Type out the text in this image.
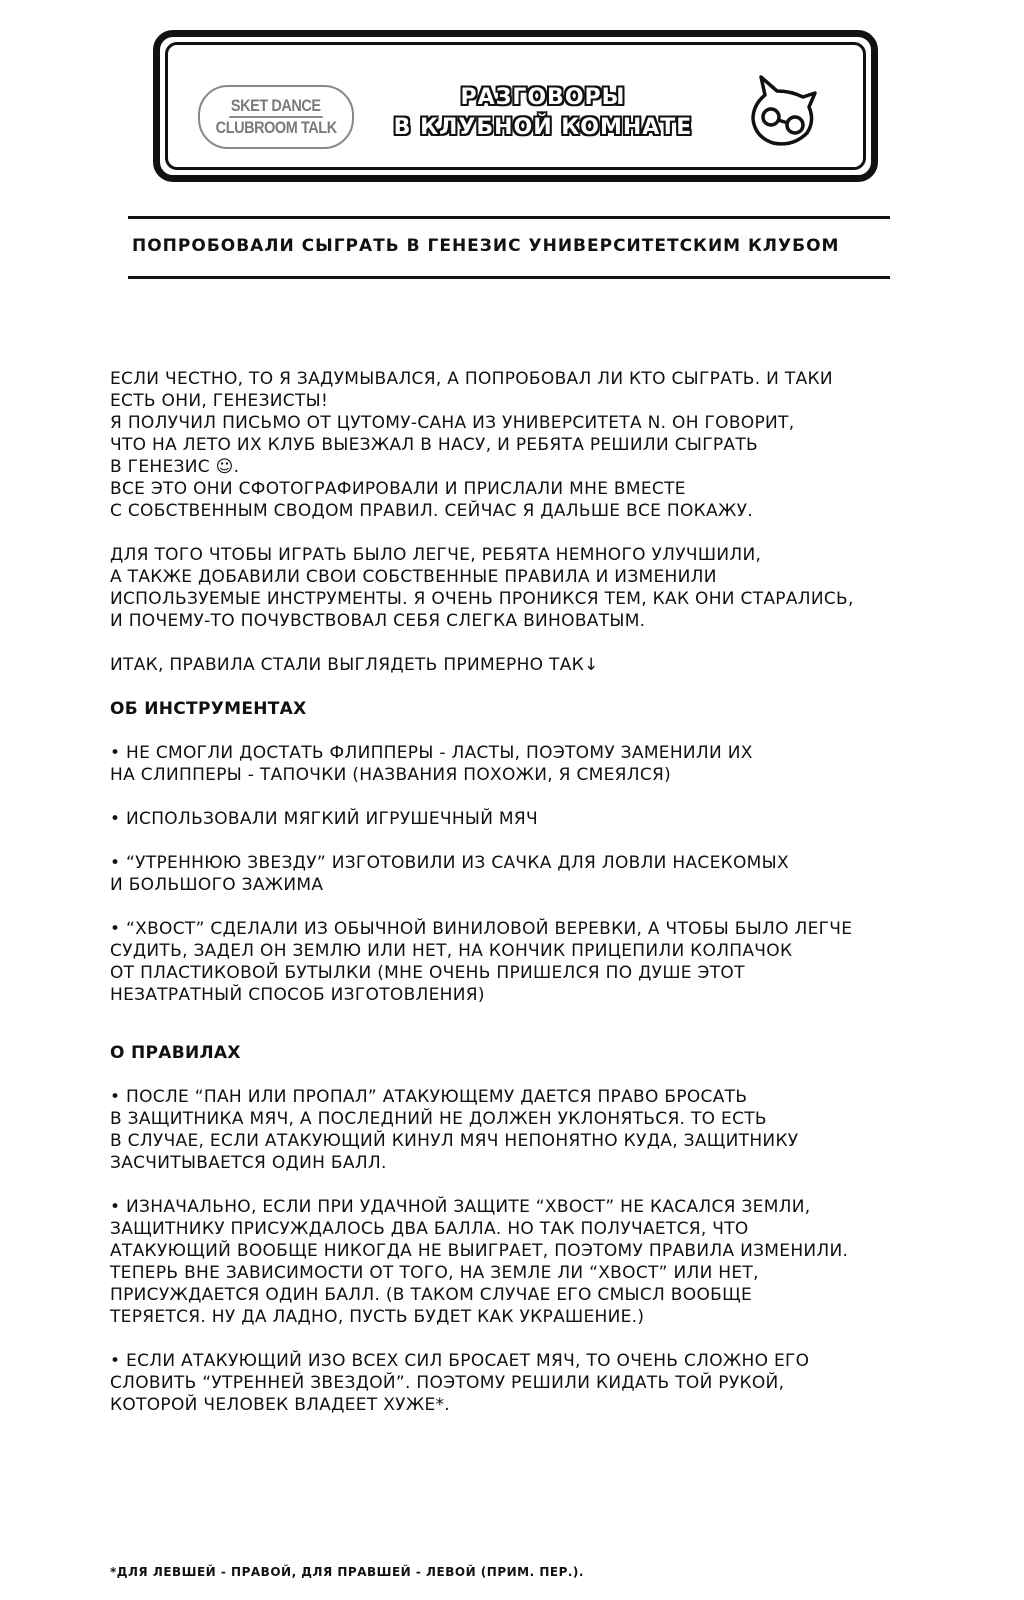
SKET DANCE
CLUBROOM TALK
РАЗГОВОРЫ
В КЛУБНОЙ КОМНАТЕ
ПОПРОБОВАЛИ СЫГРАТЬ В ГЕНЕЗИС УНИВЕРСИТЕТСКИМ КЛУБОМ
ЕСЛИ ЧЕСТНО, ТО Я ЗАДУМЫВАЛСЯ, А ПОПРОБОВАЛ ЛИ КТО СЫГРАТЬ. И ТАКИ
ЕСТЬ ОНИ, ГЕНЕЗИСТЫ!
Я ПОЛУЧИЛ ПИСЬМО ОТ ЦУТОМУ-САНА ИЗ УНИВЕРСИТЕТА N. ОН ГОВОРИТ,
ЧТО НА ЛЕТО ИХ КЛУБ ВЫЕЗЖАЛ В НАСУ, И РЕБЯТА РЕШИЛИ СЫГРАТЬ
В ГЕНЕЗИС ☺.
ВСЕ ЭТО ОНИ СФОТОГРАФИРОВАЛИ И ПРИСЛАЛИ МНЕ ВМЕСТЕ
С СОБСТВЕННЫМ СВОДОМ ПРАВИЛ. СЕЙЧАС Я ДАЛЬШЕ ВСЕ ПОКАЖУ.
ДЛЯ ТОГО ЧТОБЫ ИГРАТЬ БЫЛО ЛЕГЧЕ, РЕБЯТА НЕМНОГО УЛУЧШИЛИ,
А ТАКЖЕ ДОБАВИЛИ СВОИ СОБСТВЕННЫЕ ПРАВИЛА И ИЗМЕНИЛИ
ИСПОЛЬЗУЕМЫЕ ИНСТРУМЕНТЫ. Я ОЧЕНЬ ПРОНИКСЯ ТЕМ, КАК ОНИ СТАРАЛИСЬ,
И ПОЧЕМУ-ТО ПОЧУВСТВОВАЛ СЕБЯ СЛЕГКА ВИНОВАТЫМ.
ИТАК, ПРАВИЛА СТАЛИ ВЫГЛЯДЕТЬ ПРИМЕРНО ТАК↓
ОБ ИНСТРУМЕНТАХ
• НЕ СМОГЛИ ДОСТАТЬ ФЛИППЕРЫ - ЛАСТЫ, ПОЭТОМУ ЗАМЕНИЛИ ИХ
НА СЛИППЕРЫ - ТАПОЧКИ (НАЗВАНИЯ ПОХОЖИ, Я СМЕЯЛСЯ)
• ИСПОЛЬЗОВАЛИ МЯГКИЙ ИГРУШЕЧНЫЙ МЯЧ
• “УТРЕННЮЮ ЗВЕЗДУ” ИЗГОТОВИЛИ ИЗ САЧКА ДЛЯ ЛОВЛИ НАСЕКОМЫХ
И БОЛЬШОГО ЗАЖИМА
• “ХВОСТ” СДЕЛАЛИ ИЗ ОБЫЧНОЙ ВИНИЛОВОЙ ВЕРЕВКИ, А ЧТОБЫ БЫЛО ЛЕГЧЕ
СУДИТЬ, ЗАДЕЛ ОН ЗЕМЛЮ ИЛИ НЕТ, НА КОНЧИК ПРИЦЕПИЛИ КОЛПАЧОК
ОТ ПЛАСТИКОВОЙ БУТЫЛКИ (МНЕ ОЧЕНЬ ПРИШЕЛСЯ ПО ДУШЕ ЭТОТ
НЕЗАТРАТНЫЙ СПОСОБ ИЗГОТОВЛЕНИЯ)
О ПРАВИЛАХ
• ПОСЛЕ “ПАН ИЛИ ПРОПАЛ” АТАКУЮЩЕМУ ДАЕТСЯ ПРАВО БРОСАТЬ
В ЗАЩИТНИКА МЯЧ, А ПОСЛЕДНИЙ НЕ ДОЛЖЕН УКЛОНЯТЬСЯ. ТО ЕСТЬ
В СЛУЧАЕ, ЕСЛИ АТАКУЮЩИЙ КИНУЛ МЯЧ НЕПОНЯТНО КУДА, ЗАЩИТНИКУ
ЗАСЧИТЫВАЕТСЯ ОДИН БАЛЛ.
• ИЗНАЧАЛЬНО, ЕСЛИ ПРИ УДАЧНОЙ ЗАЩИТЕ “ХВОСТ” НЕ КАСАЛСЯ ЗЕМЛИ,
ЗАЩИТНИКУ ПРИСУЖДАЛОСЬ ДВА БАЛЛА. НО ТАК ПОЛУЧАЕТСЯ, ЧТО
АТАКУЮЩИЙ ВООБЩЕ НИКОГДА НЕ ВЫИГРАЕТ, ПОЭТОМУ ПРАВИЛА ИЗМЕНИЛИ.
ТЕПЕРЬ ВНЕ ЗАВИСИМОСТИ ОТ ТОГО, НА ЗЕМЛЕ ЛИ “ХВОСТ” ИЛИ НЕТ,
ПРИСУЖДАЕТСЯ ОДИН БАЛЛ. (В ТАКОМ СЛУЧАЕ ЕГО СМЫСЛ ВООБЩЕ
ТЕРЯЕТСЯ. НУ ДА ЛАДНО, ПУСТЬ БУДЕТ КАК УКРАШЕНИЕ.)
• ЕСЛИ АТАКУЮЩИЙ ИЗО ВСЕХ СИЛ БРОСАЕТ МЯЧ, ТО ОЧЕНЬ СЛОЖНО ЕГО
СЛОВИТЬ “УТРЕННЕЙ ЗВЕЗДОЙ”. ПОЭТОМУ РЕШИЛИ КИДАТЬ ТОЙ РУКОЙ,
КОТОРОЙ ЧЕЛОВЕК ВЛАДЕЕТ ХУЖЕ*.
*ДЛЯ ЛЕВШЕЙ - ПРАВОЙ, ДЛЯ ПРАВШЕЙ - ЛЕВОЙ (ПРИМ. ПЕР.).
